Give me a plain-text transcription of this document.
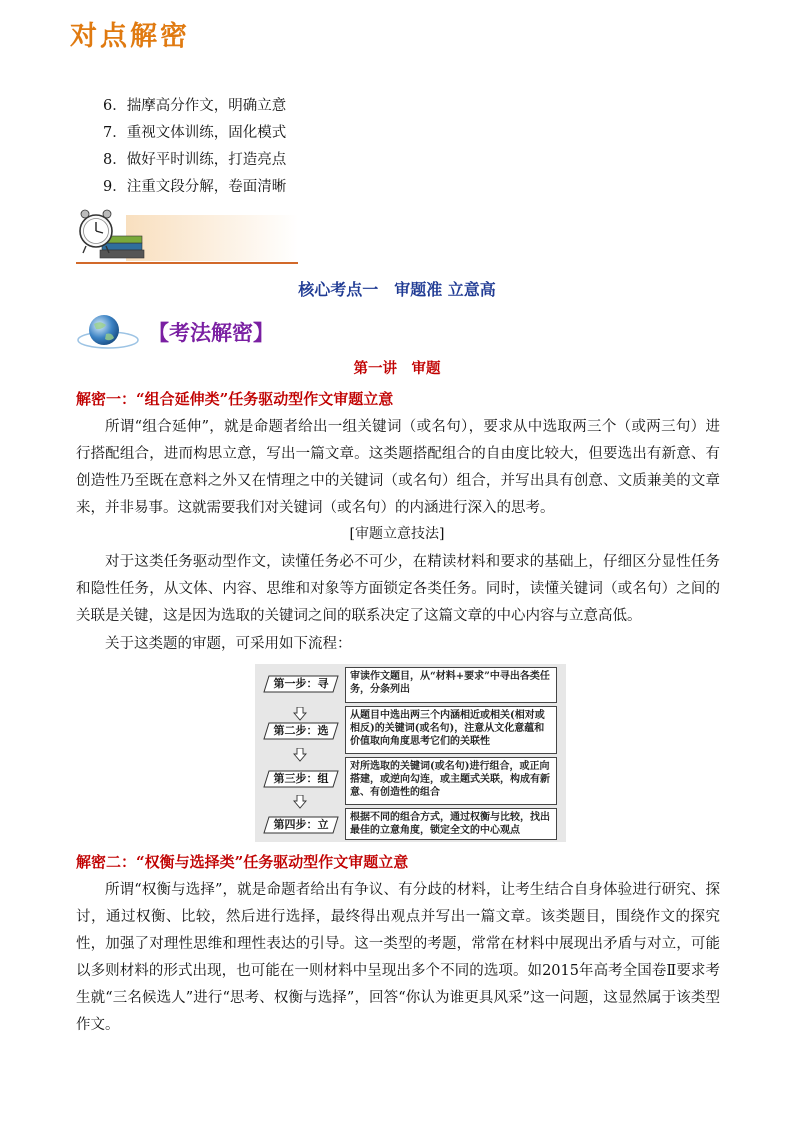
6．揣摩高分作文，明确立意
7．重视文体训练，固化模式
8．做好平时训练，打造亮点
9．注重文段分解，卷面清晰
对点解密
核心考点一　审题准 立意高
【考法解密】
第一讲　审题
解密一：“组合延伸类”任务驱动型作文审题立意

所谓“组合延伸”，就是命题者给出一组关键词（或名句），要求从中选取两三个（或两三句）进行搭配组合，进而构思立意，写出一篇文章。这类题搭配组合的自由度比较大，但要选出有新意、有创造性乃至既在意料之外又在情理之中的关键词（或名句）组合，并写出具有创意、文质兼美的文章来，并非易事。这就需要我们对关键词（或名句）的内涵进行深入的思考。

[审题立意技法]

对于这类任务驱动型作文，读懂任务必不可少，在精读材料和要求的基础上，仔细区分显性任务和隐性任务，从文体、内容、思维和对象等方面锁定各类任务。同时，读懂关键词（或名句）之间的关联是关键，这是因为选取的关键词之间的联系决定了这篇文章的中心内容与立意高低。

关于这类题的审题，可采用如下流程：

第一步：寻
审读作文题目，从“材料+要求”中寻出各类任务，分条列出
第二步：选
从题目中选出两三个内涵相近或相关(相对或相反)的关键词(或名句)，注意从文化意蕴和价值取向角度思考它们的关联性
第三步：组
对所选取的关键词(或名句)进行组合，或正向搭建，或逆向勾连，或主题式关联，构成有新意、有创造性的组合
第四步：立
根据不同的组合方式，通过权衡与比较，找出最佳的立意角度，锁定全文的中心观点
解密二：“权衡与选择类”任务驱动型作文审题立意

所谓“权衡与选择”，就是命题者给出有争议、有分歧的材料，让考生结合自身体验进行研究、探讨，通过权衡、比较，然后进行选择，最终得出观点并写出一篇文章。该类题目，围绕作文的探究性，加强了对理性思维和理性表达的引导。这一类型的考题，常常在材料中展现出矛盾与对立，可能以多则材料的形式出现，也可能在一则材料中呈现出多个不同的选项。如2015年高考全国卷Ⅱ要求考生就“三名候选人”进行“思考、权衡与选择”，回答“你认为谁更具风采”这一问题，这显然属于该类型作文。
